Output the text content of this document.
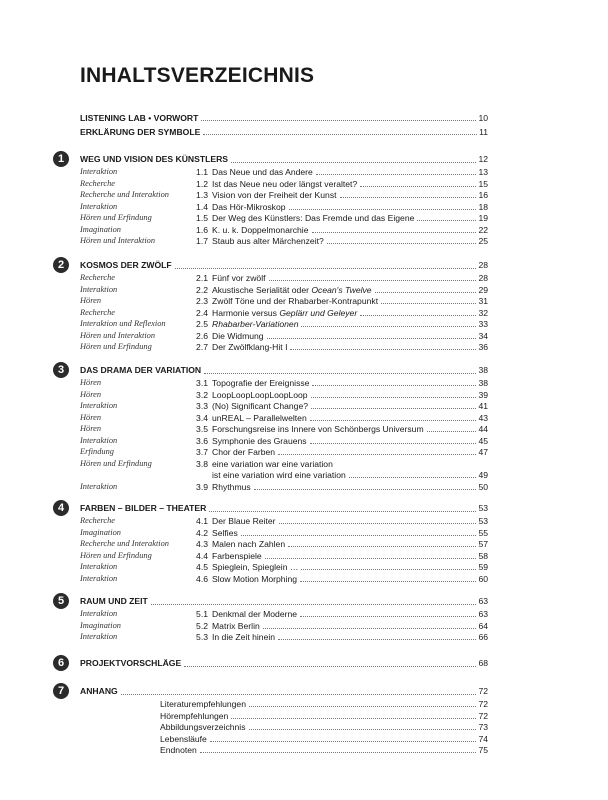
INHALTSVERZEICHNIS
LISTENING LAB • VORWORT	10
ERKLÄRUNG DER SYMBOLE	11
1	WEG UND VISION DES KÜNSTLERS	12
Interaktion	1.1 Das Neue und das Andere	13
Recherche	1.2 Ist das Neue neu oder längst veraltet?	15
Recherche und Interaktion	1.3 Vision von der Freiheit der Kunst	16
Interaktion	1.4 Das Hör-Mikroskop	18
Hören und Erfindung	1.5 Der Weg des Künstlers: Das Fremde und das Eigene	19
Imagination	1.6 K. u. k. Doppelmonarchie	22
Hören und Interaktion	1.7 Staub aus alter Märchenzeit?	25
2	KOSMOS DER ZWÖLF	28
Recherche	2.1 Fünf vor zwölf	28
Interaktion	2.2 Akustische Serialität oder Ocean's Twelve	29
Hören	2.3 Zwölf Töne und der Rhabarber-Kontrapunkt	31
Recherche	2.4 Harmonie versus Geplärr und Geleyer	32
Interaktion und Reflexion	2.5 Rhabarber-Variationen	33
Hören und Interaktion	2.6 Die Widmung	34
Hören und Erfindung	2.7 Der Zwölfklang-Hit I	36
3	DAS DRAMA DER VARIATION	38
Hören	3.1 Topografie der Ereignisse	38
Hören	3.2 LoopLoopLoopLoopLoop	39
Interaktion	3.3 (No) Significant Change?	41
Hören	3.4 unREAL – Parallelwelten	43
Hören	3.5 Forschungsreise ins Innere von Schönbergs Universum	44
Interaktion	3.6 Symphonie des Grauens	45
Erfindung	3.7 Chor der Farben	47
Hören und Erfindung	3.8 eine variation war eine variation
ist eine variation wird eine variation	49
Interaktion	3.9 Rhythmus	50
4	FARBEN – BILDER – THEATER	53
Recherche	4.1 Der Blaue Reiter	53
Imagination	4.2 Selfies	55
Recherche und Interaktion	4.3 Malen nach Zahlen	57
Hören und Erfindung	4.4 Farbenspiele	58
Interaktion	4.5 Spieglein, Spieglein …	59
Interaktion	4.6 Slow Motion Morphing	60
5	RAUM UND ZEIT	63
Interaktion	5.1 Denkmal der Moderne	63
Imagination	5.2 Matrix Berlin	64
Interaktion	5.3 In die Zeit hinein	66
6	PROJEKTVORSCHLÄGE	68
7	ANHANG	72
Literaturempfehlungen	72
Hörempfehlungen	72
Abbildungsverzeichnis	73
Lebensläufe	74
Endnoten	75
